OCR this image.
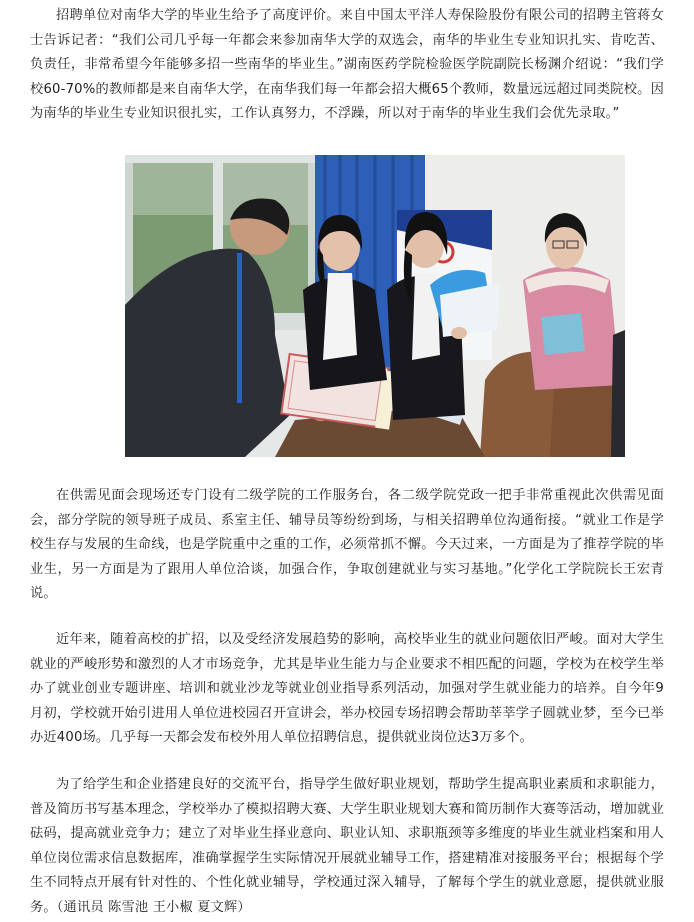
招聘单位对南华大学的毕业生给予了高度评价。来自中国太平洋人寿保险股份有限公司的招聘主管蒋女士告诉记者：“我们公司几乎每一年都会来参加南华大学的双选会，南华的毕业生专业知识扎实、肯吃苦、负责任，非常希望今年能够多招一些南华的毕业生。”湖南医药学院检验医学院副院长杨渊介绍说：“我们学校60-70%的教师都是来自南华大学，在南华我们每一年都会招大概65个教师，数量远远超过同类院校。因为南华的毕业生专业知识很扎实，工作认真努力，不浮躁，所以对于南华的毕业生我们会优先录取。”

在供需见面会现场还专门设有二级学院的工作服务台，各二级学院党政一把手非常重视此次供需见面会，部分学院的领导班子成员、系室主任、辅导员等纷纷到场，与相关招聘单位沟通衔接。“就业工作是学校生存与发展的生命线，也是学院重中之重的工作，必须常抓不懈。今天过来，一方面是为了推荐学院的毕业生，另一方面是为了跟用人单位洽谈，加强合作，争取创建就业与实习基地。”化学化工学院院长王宏青说。

近年来，随着高校的扩招，以及受经济发展趋势的影响，高校毕业生的就业问题依旧严峻。面对大学生就业的严峻形势和激烈的人才市场竞争，尤其是毕业生能力与企业要求不相匹配的问题，学校为在校学生举办了就业创业专题讲座、培训和就业沙龙等就业创业指导系列活动，加强对学生就业能力的培养。自今年9月初，学校就开始引进用人单位进校园召开宣讲会，举办校园专场招聘会帮助莘莘学子圆就业梦，至今已举办近400场。几乎每一天都会发布校外用人单位招聘信息，提供就业岗位达3万多个。

为了给学生和企业搭建良好的交流平台，指导学生做好职业规划，帮助学生提高职业素质和求职能力，普及简历书写基本理念，学校举办了模拟招聘大赛、大学生职业规划大赛和简历制作大赛等活动，增加就业砝码，提高就业竞争力；建立了对毕业生择业意向、职业认知、求职瓶颈等多维度的毕业生就业档案和用人单位岗位需求信息数据库，准确掌握学生实际情况开展就业辅导工作，搭建精准对接服务平台；根据每个学生不同特点开展有针对性的、个性化就业辅导，学校通过深入辅导，了解每个学生的就业意愿，提供就业服务。（通讯员 陈雪池 王小椒 夏文辉）
